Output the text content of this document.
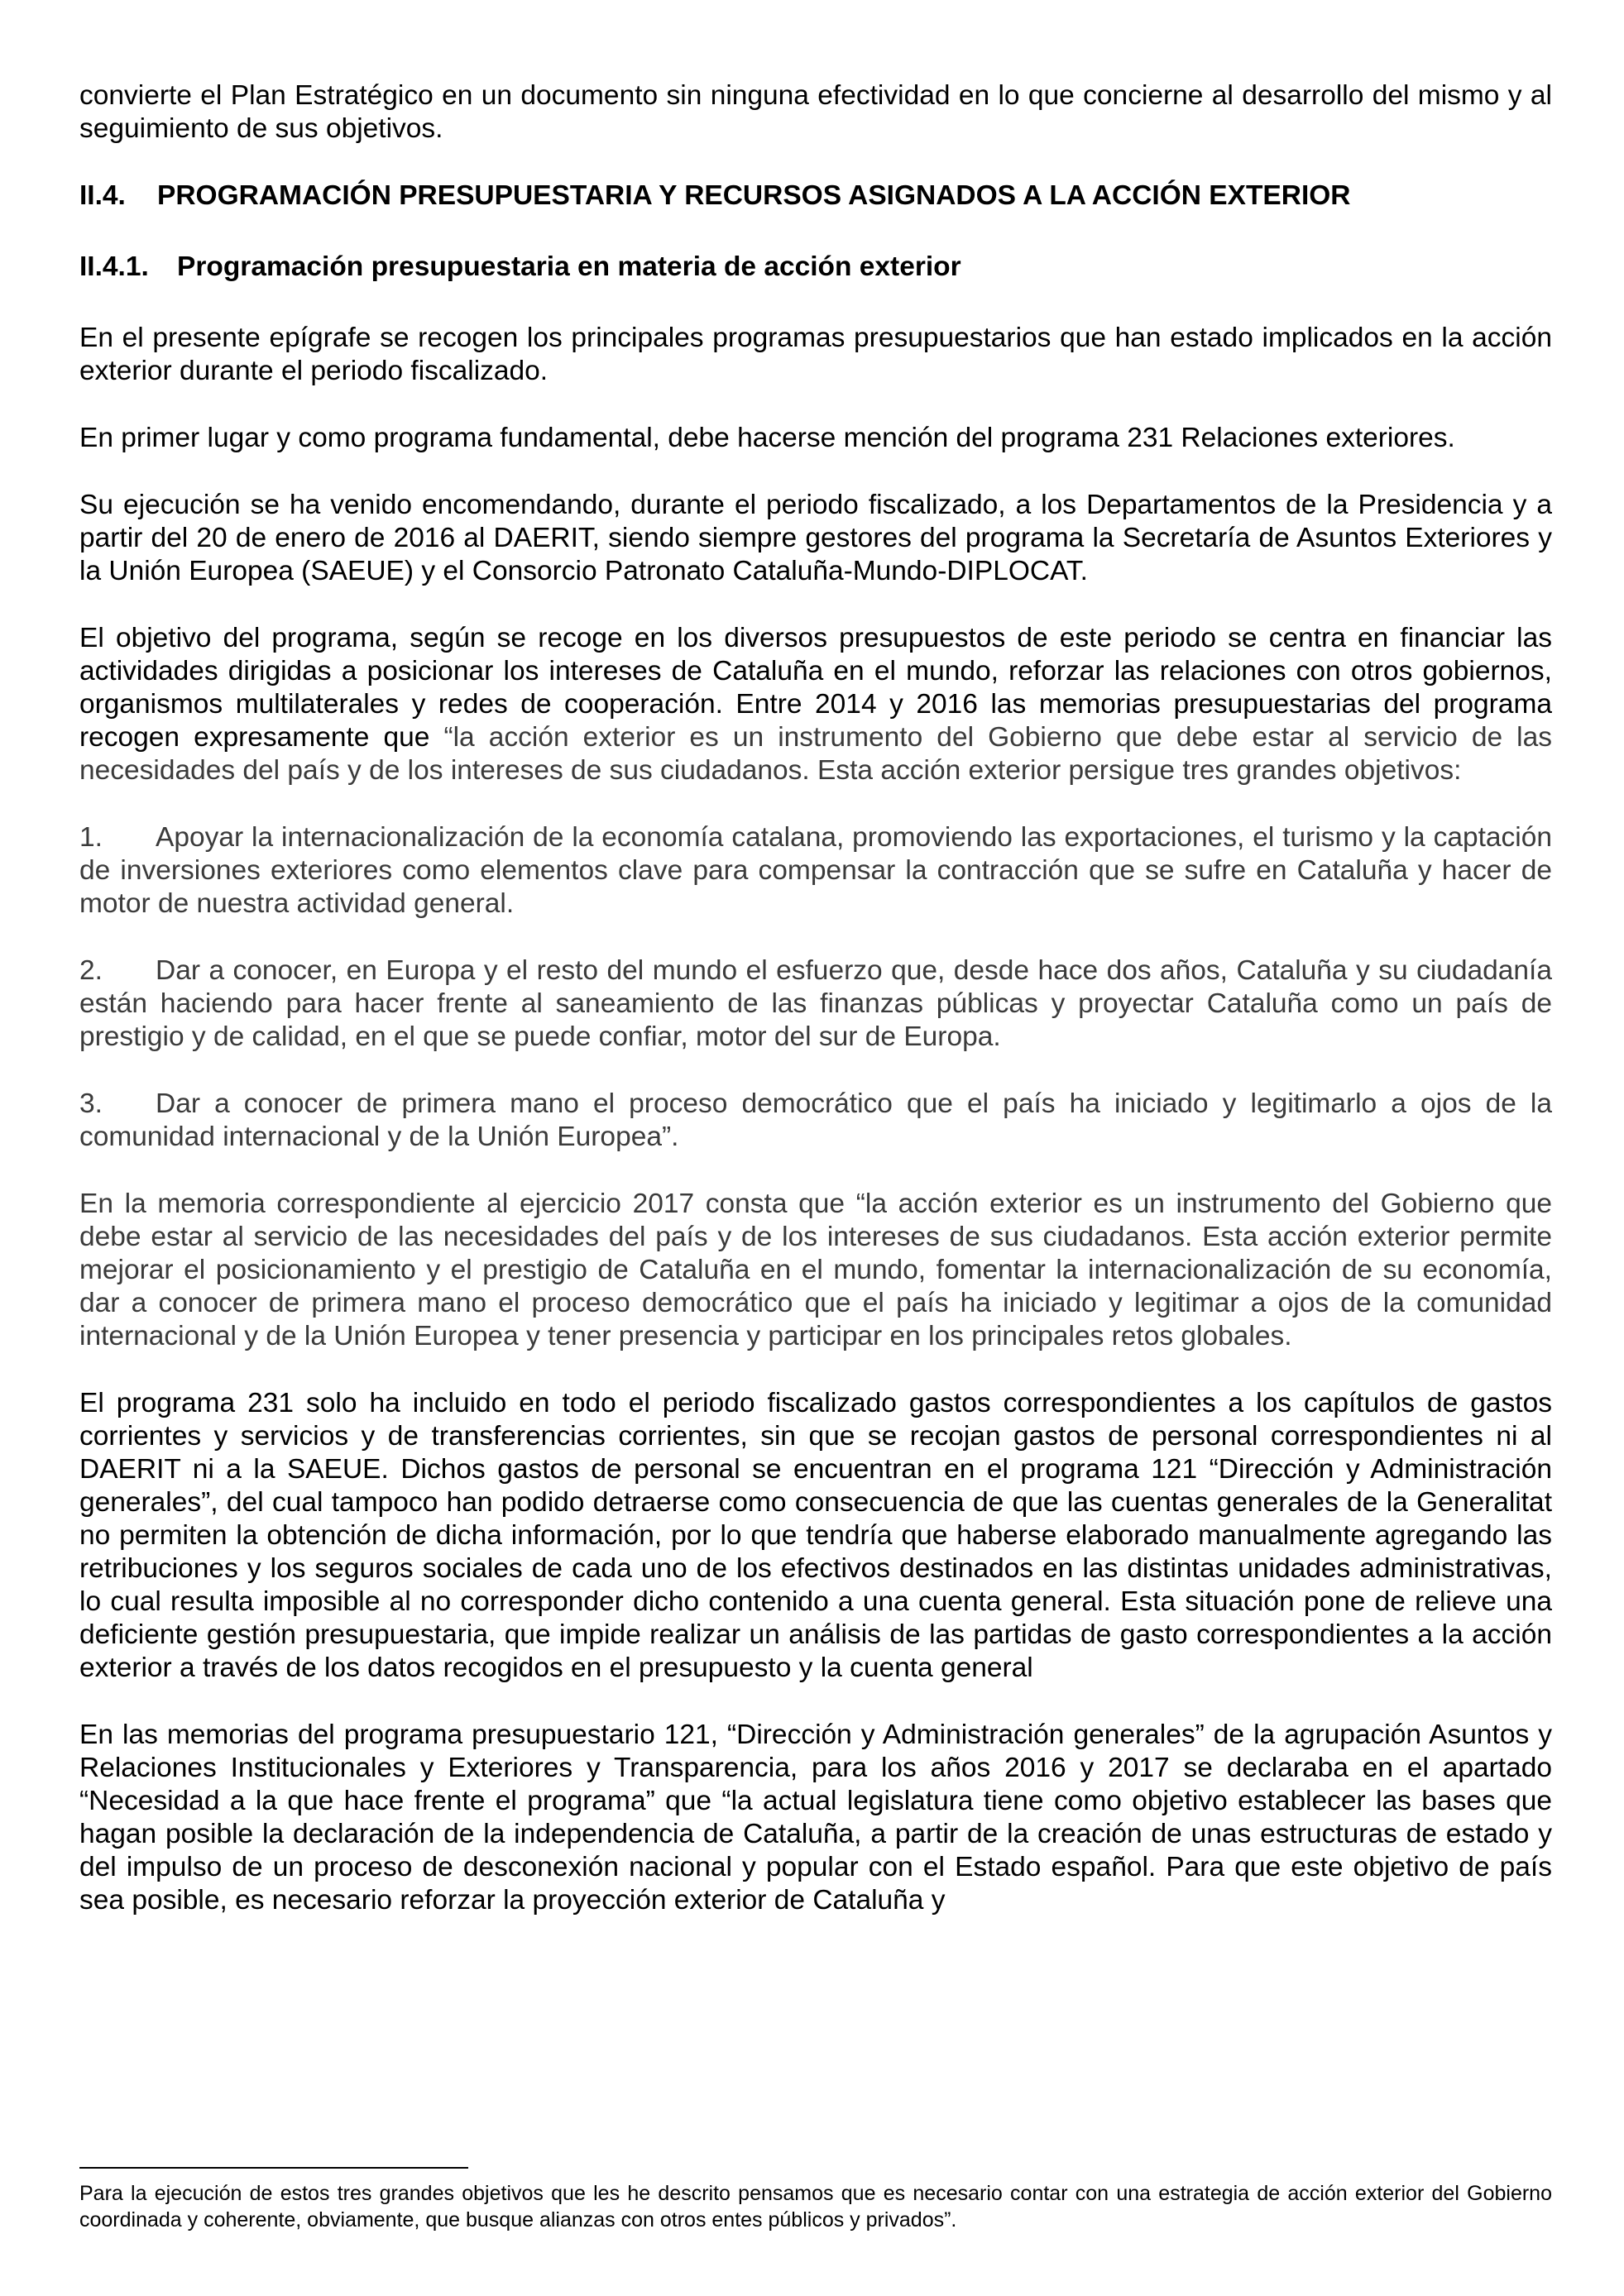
convierte el Plan Estratégico en un documento sin ninguna efectividad en lo que concierne al desarrollo del mismo y al seguimiento de sus objetivos.

II.4. PROGRAMACIÓN PRESUPUESTARIA Y RECURSOS ASIGNADOS A LA ACCIÓN EXTERIOR
II.4.1. Programación presupuestaria en materia de acción exterior

En el presente epígrafe se recogen los principales programas presupuestarios que han estado implicados en la acción exterior durante el periodo fiscalizado.

En primer lugar y como programa fundamental, debe hacerse mención del programa 231 Relaciones exteriores.

Su ejecución se ha venido encomendando, durante el periodo fiscalizado, a los Departamentos de la Presidencia y a partir del 20 de enero de 2016 al DAERIT, siendo siempre gestores del programa la Secretaría de Asuntos Exteriores y la Unión Europea (SAEUE) y el Consorcio Patronato Cataluña-Mundo-DIPLOCAT.

El objetivo del programa, según se recoge en los diversos presupuestos de este periodo se centra en financiar las actividades dirigidas a posicionar los intereses de Cataluña en el mundo, reforzar las relaciones con otros gobiernos, organismos multilaterales y redes de cooperación. Entre 2014 y 2016 las memorias presupuestarias del programa recogen expresamente que “la acción exterior es un instrumento del Gobierno que debe estar al servicio de las necesidades del país y de los intereses de sus ciudadanos. Esta acción exterior persigue tres grandes objetivos:

1. Apoyar la internacionalización de la economía catalana, promoviendo las exportaciones, el turismo y la captación de inversiones exteriores como elementos clave para compensar la contracción que se sufre en Cataluña y hacer de motor de nuestra actividad general.

2. Dar a conocer, en Europa y el resto del mundo el esfuerzo que, desde hace dos años, Cataluña y su ciudadanía están haciendo para hacer frente al saneamiento de las finanzas públicas y proyectar Cataluña como un país de prestigio y de calidad, en el que se puede confiar, motor del sur de Europa.

3. Dar a conocer de primera mano el proceso democrático que el país ha iniciado y legitimarlo a ojos de la comunidad internacional y de la Unión Europea”.

En la memoria correspondiente al ejercicio 2017 consta que “la acción exterior es un instrumento del Gobierno que debe estar al servicio de las necesidades del país y de los intereses de sus ciudadanos. Esta acción exterior permite mejorar el posicionamiento y el prestigio de Cataluña en el mundo, fomentar la internacionalización de su economía, dar a conocer de primera mano el proceso democrático que el país ha iniciado y legitimar a ojos de la comunidad internacional y de la Unión Europea y tener presencia y participar en los principales retos globales.

El programa 231 solo ha incluido en todo el periodo fiscalizado gastos correspondientes a los capítulos de gastos corrientes y servicios y de transferencias corrientes, sin que se recojan gastos de personal correspondientes ni al DAERIT ni a la SAEUE. Dichos gastos de personal se encuentran en el programa 121 “Dirección y Administración generales”, del cual tampoco han podido detraerse como consecuencia de que las cuentas generales de la Generalitat no permiten la obtención de dicha información, por lo que tendría que haberse elaborado manualmente agregando las retribuciones y los seguros sociales de cada uno de los efectivos destinados en las distintas unidades administrativas, lo cual resulta imposible al no corresponder dicho contenido a una cuenta general. Esta situación pone de relieve una deficiente gestión presupuestaria, que impide realizar un análisis de las partidas de gasto correspondientes a la acción exterior a través de los datos recogidos en el presupuesto y la cuenta general

En las memorias del programa presupuestario 121, “Dirección y Administración generales” de la agrupación Asuntos y Relaciones Institucionales y Exteriores y Transparencia, para los años 2016 y 2017 se declaraba en el apartado “Necesidad a la que hace frente el programa” que “la actual legislatura tiene como objetivo establecer las bases que hagan posible la declaración de la independencia de Cataluña, a partir de la creación de unas estructuras de estado y del impulso de un proceso de desconexión nacional y popular con el Estado español. Para que este objetivo de país sea posible, es necesario reforzar la proyección exterior de Cataluña y

Para la ejecución de estos tres grandes objetivos que les he descrito pensamos que es necesario contar con una estrategia de acción exterior del Gobierno coordinada y coherente, obviamente, que busque alianzas con otros entes públicos y privados”.
